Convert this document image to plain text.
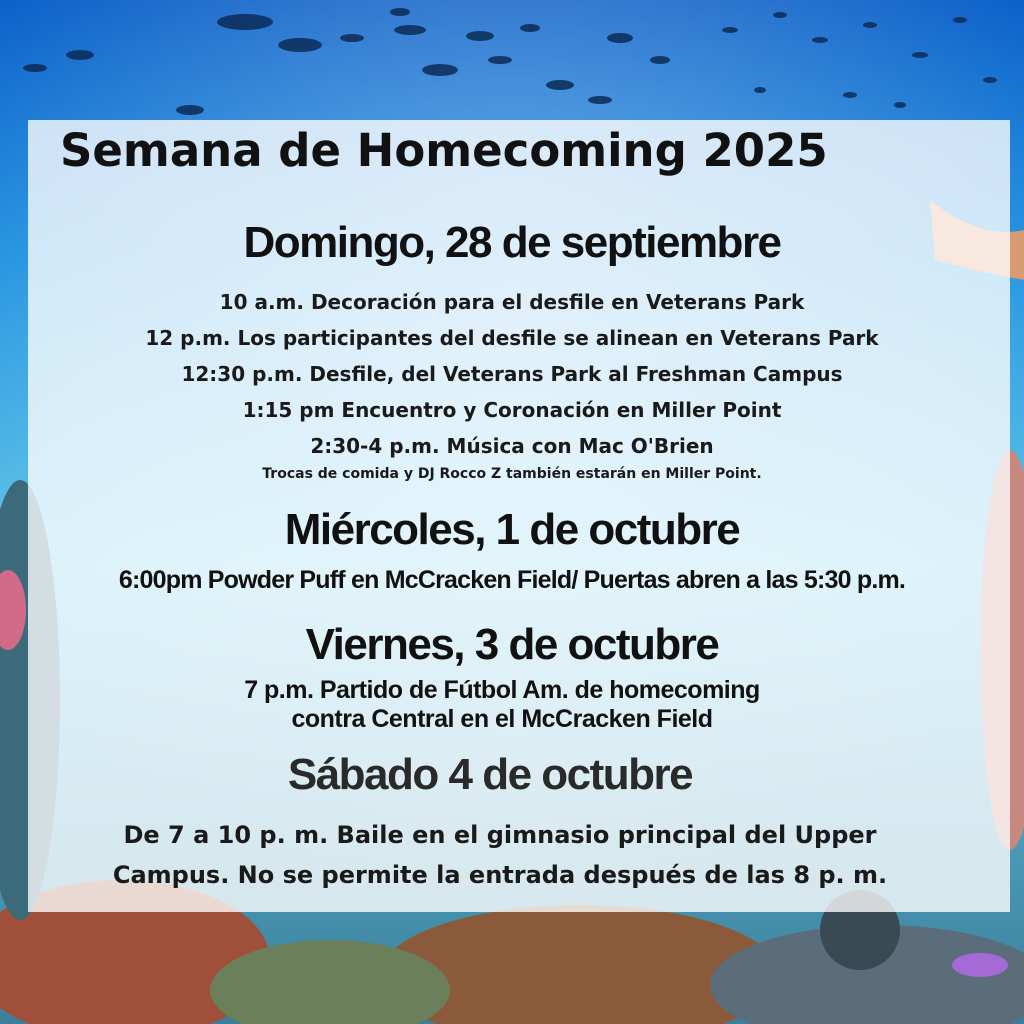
Semana de Homecoming 2025
Domingo, 28 de septiembre
10 a.m. Decoración para el desfile en Veterans Park
12 p.m. Los participantes del desfile se alinean en Veterans Park
12:30 p.m. Desfile, del Veterans Park al Freshman Campus
1:15 pm Encuentro y Coronación en Miller Point
2:30-4 p.m. Música con Mac O'Brien
Trocas de comida y DJ Rocco Z también estarán en Miller Point.
Miércoles, 1 de octubre
6:00pm Powder Puff en McCracken Field/ Puertas abren a las 5:30 p.m.
Viernes, 3 de octubre
7 p.m. Partido de Fútbol Am. de homecoming
contra Central en el McCracken Field
Sábado 4 de octubre
De 7 a 10 p. m. Baile en el gimnasio principal del Upper
Campus. No se permite la entrada después de las 8 p. m.
